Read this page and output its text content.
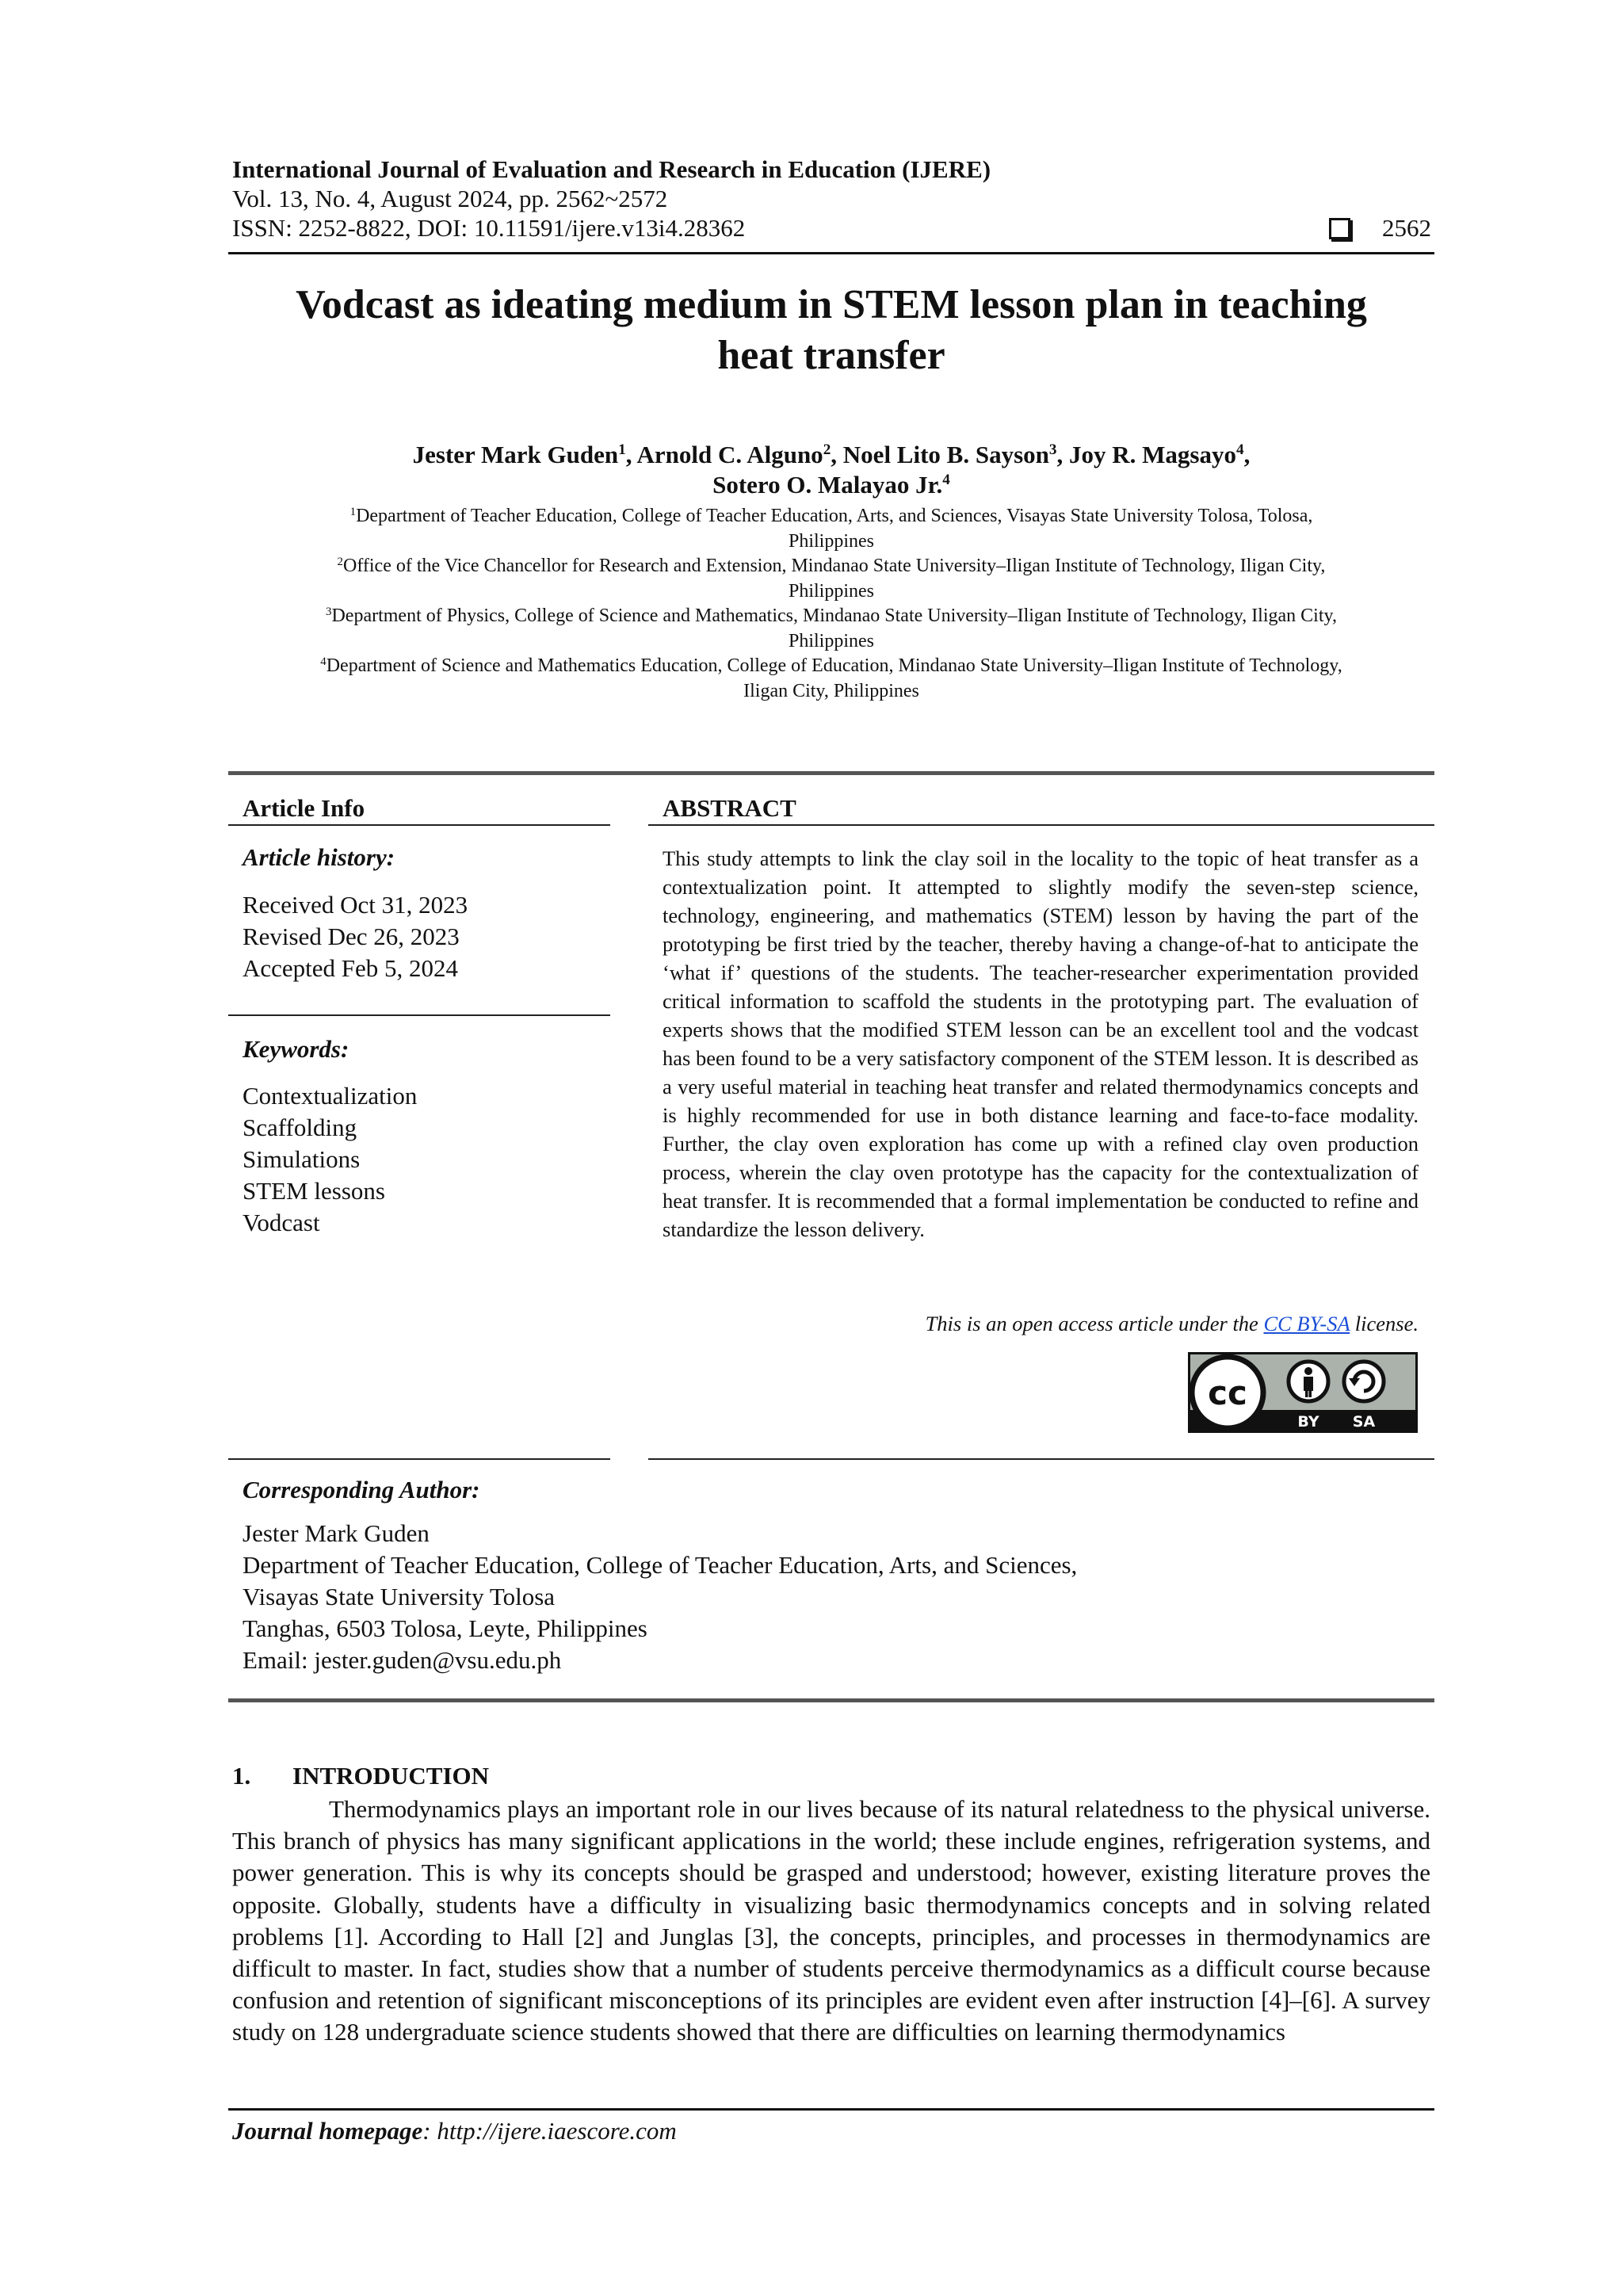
International Journal of Evaluation and Research in Education (IJERE)
Vol. 13, No. 4, August 2024, pp. 2562~2572
ISSN: 2252-8822, DOI: 10.11591/ijere.v13i4.28362	2562
Vodcast as ideating medium in STEM lesson plan in teaching
heat transfer
Jester Mark Guden$^1$, Arnold C. Alguno$^2$, Noel Lito B. Sayson$^3$, Joy R. Magsayo$^4$,
Sotero O. Malayao Jr.$^4$
$^1$Department of Teacher Education, College of Teacher Education, Arts, and Sciences, Visayas State University Tolosa, Tolosa,
Philippines
$^2$Office of the Vice Chancellor for Research and Extension, Mindanao State University–Iligan Institute of Technology, Iligan City,
Philippines
$^3$Department of Physics, College of Science and Mathematics, Mindanao State University–Iligan Institute of Technology, Iligan City,
Philippines
$^4$Department of Science and Mathematics Education, College of Education, Mindanao State University–Iligan Institute of Technology,
Iligan City, Philippines
Article Info
Article history:
Received Oct 31, 2023
Revised Dec 26, 2023
Accepted Feb 5, 2024
Keywords:
Contextualization
Scaffolding
Simulations
STEM lessons
Vodcast
ABSTRACT
This study attempts to link the clay soil in the locality to the topic of heat transfer as a contextualization point. It attempted to slightly modify the seven-step science, technology, engineering, and mathematics (STEM) lesson by having the part of the prototyping be first tried by the teacher, thereby having a change-of-hat to anticipate the ‘what if’ questions of the students. The teacher-researcher experimentation provided critical information to scaffold the students in the prototyping part. The evaluation of experts shows that the modified STEM lesson can be an excellent tool and the vodcast has been found to be a very satisfactory component of the STEM lesson. It is described as a very useful material in teaching heat transfer and related thermodynamics concepts and is highly recommended for use in both distance learning and face-to-face modality. Further, the clay oven exploration has come up with a refined clay oven production process, wherein the clay oven prototype has the capacity for the contextualization of heat transfer. It is recommended that a formal implementation be conducted to refine and standardize the lesson delivery.
This is an open access article under the CC BY-SA license.
cc
BY SA
Corresponding Author:
Jester Mark Guden
Department of Teacher Education, College of Teacher Education, Arts, and Sciences,
Visayas State University Tolosa
Tanghas, 6503 Tolosa, Leyte, Philippines
Email: jester.guden@vsu.edu.ph
1. INTRODUCTION
Thermodynamics plays an important role in our lives because of its natural relatedness to the physical universe. This branch of physics has many significant applications in the world; these include engines, refrigeration systems, and power generation. This is why its concepts should be grasped and understood; however, existing literature proves the opposite. Globally, students have a difficulty in visualizing basic thermodynamics concepts and in solving related problems [1]. According to Hall [2] and Junglas [3], the concepts, principles, and processes in thermodynamics are difficult to master. In fact, studies show that a number of students perceive thermodynamics as a difficult course because confusion and retention of significant misconceptions of its principles are evident even after instruction [4]–[6]. A survey study on 128 undergraduate science students showed that there are difficulties on learning thermodynamics
Journal homepage: http://ijere.iaescore.com
